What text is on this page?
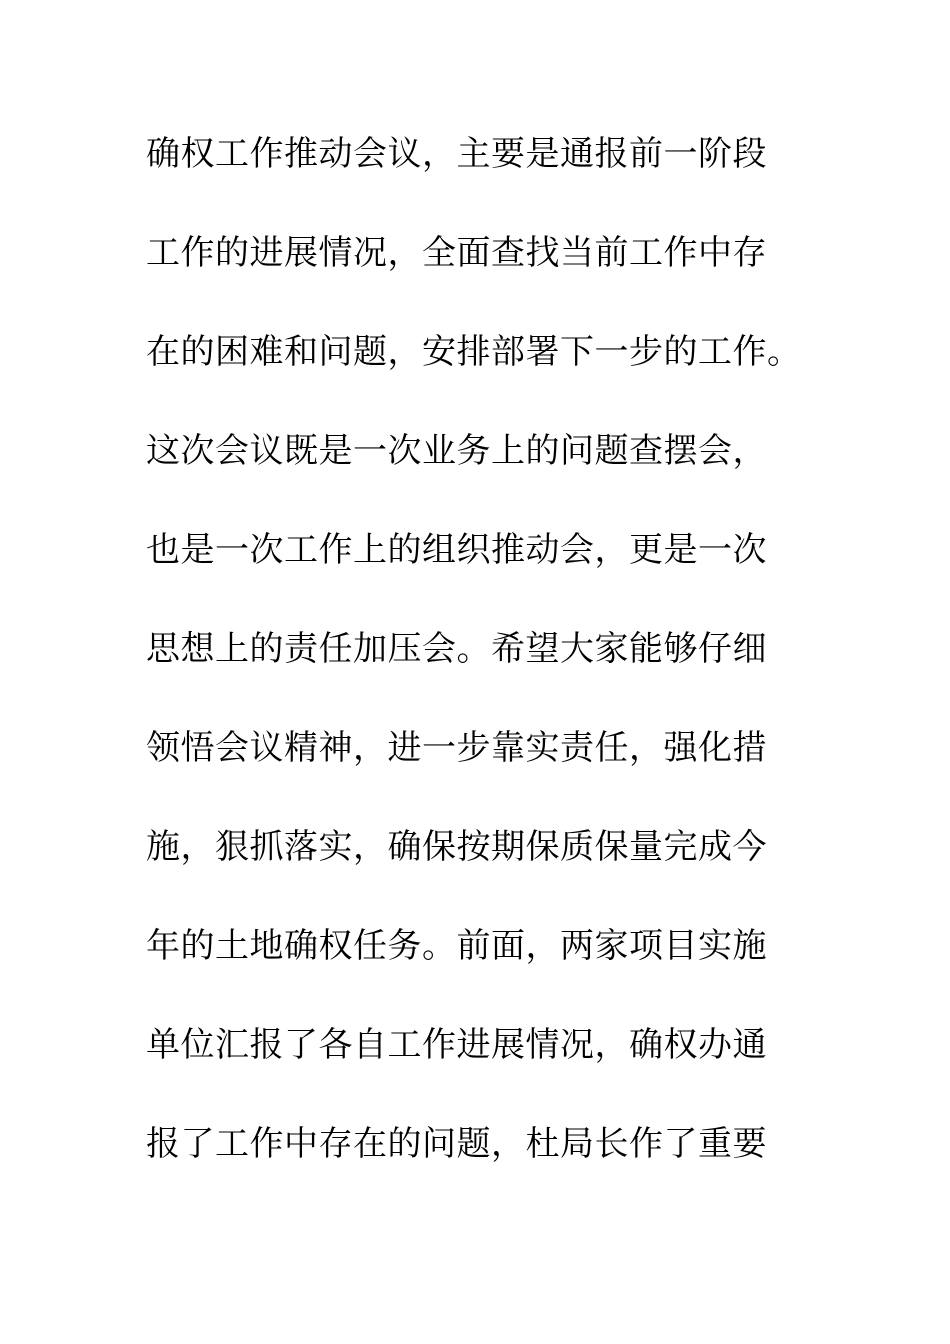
确权工作推动会议，主要是通报前一阶段
工作的进展情况，全面查找当前工作中存
在的困难和问题，安排部署下一步的工作。
这次会议既是一次业务上的问题查摆会，
也是一次工作上的组织推动会，更是一次
思想上的责任加压会。希望大家能够仔细
领悟会议精神，进一步靠实责任，强化措
施，狠抓落实，确保按期保质保量完成今
年的土地确权任务。前面，两家项目实施
单位汇报了各自工作进展情况，确权办通
报了工作中存在的问题，杜局长作了重要
